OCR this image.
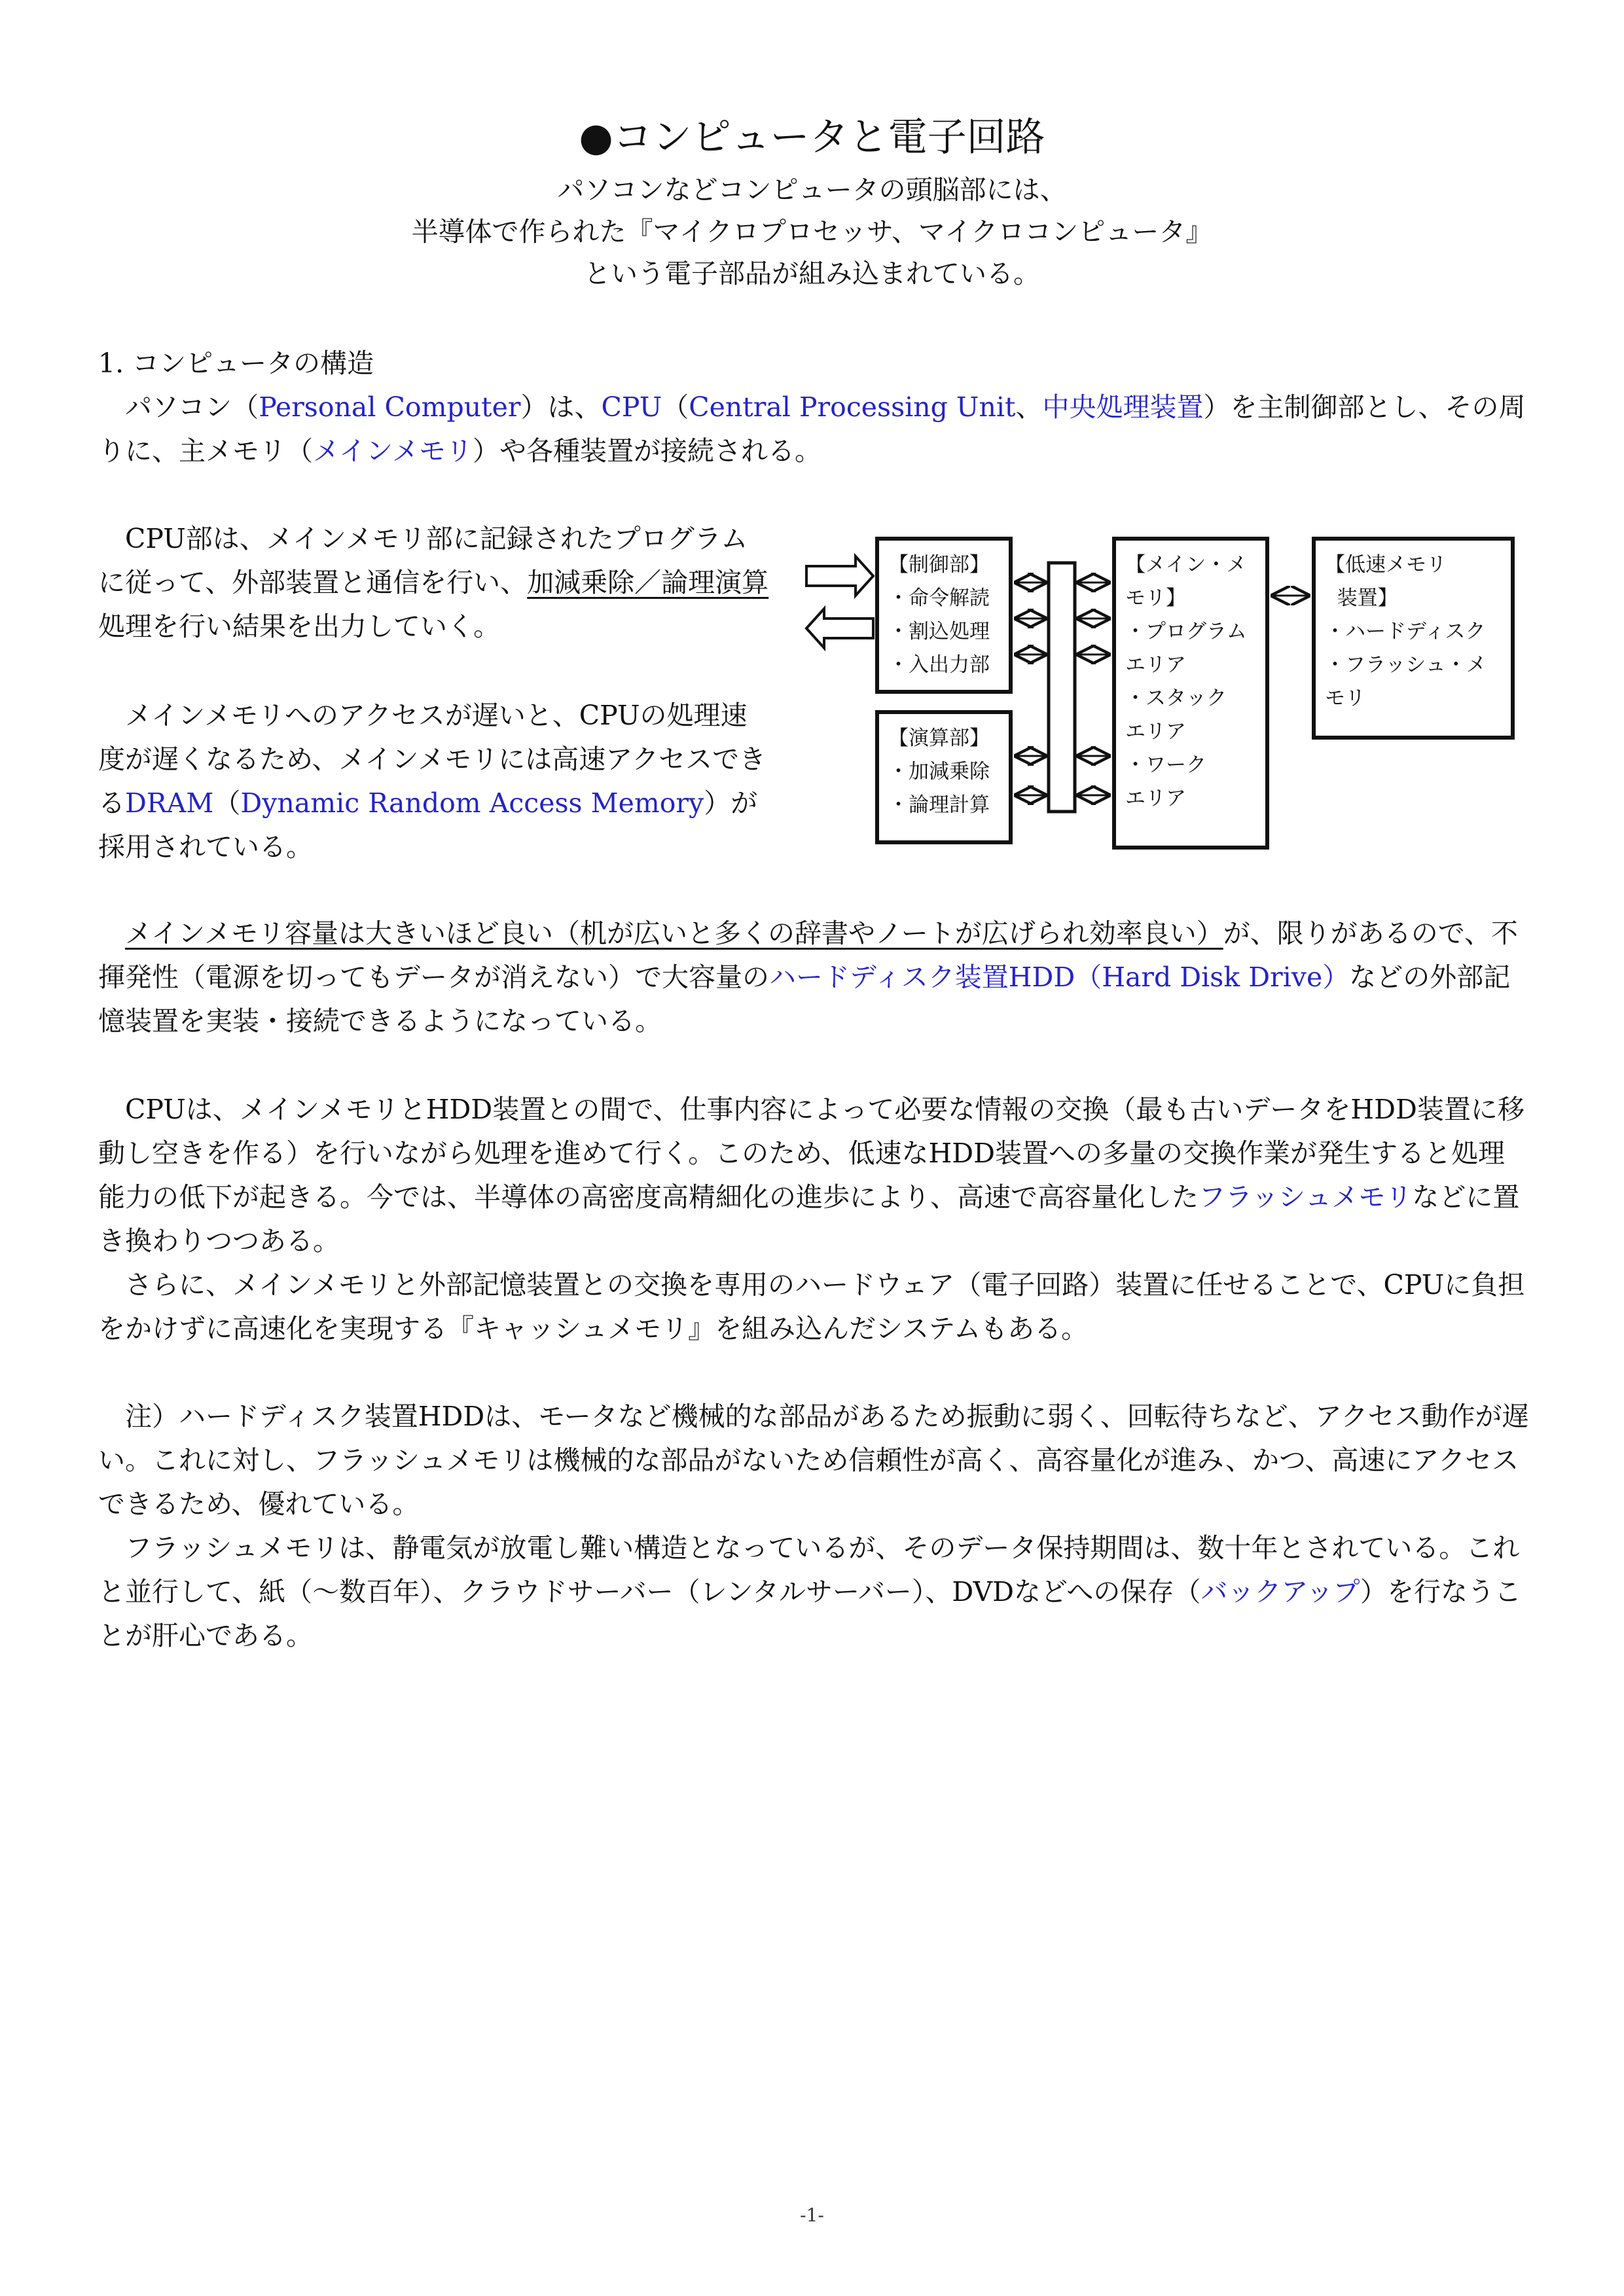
●コンピュータと電子回路
パソコンなどコンピュータの頭脳部には、
半導体で作られた『マイクロプロセッサ、マイクロコンピュータ』
という電子部品が組み込まれている。
1. コンピュータの構造

パソコン（Personal Computer）は、CPU（Central Processing Unit、中央処理装置）を主制御部とし、その周りに、主メモリ（メインメモリ）や各種装置が接続される。

CPU部は、メインメモリ部に記録されたプログラムに従って、外部装置と通信を行い、加減乗除／論理演算処理を行い結果を出力していく。

メインメモリへのアクセスが遅いと、CPUの処理速度が遅くなるため、メインメモリには高速アクセスできるDRAM（Dynamic Random Access Memory）が採用されている。

【制御部】
・命令解読
・割込処理
・入出力部
【演算部】
・加減乗除
・論理計算
【メイン・メ
モリ】
・プログラム
エリア
・スタック
エリア
・ワーク
エリア
【低速メモリ
装置】
・ハードディスク
・フラッシュ・メ
モリ

メインメモリ容量は大きいほど良い（机が広いと多くの辞書やノートが広げられ効率良い）が、限りがあるので、不揮発性（電源を切ってもデータが消えない）で大容量のハードディスク装置HDD（Hard Disk Drive）などの外部記憶装置を実装・接続できるようになっている。

CPUは、メインメモリとHDD装置との間で、仕事内容によって必要な情報の交換（最も古いデータをHDD装置に移動し空きを作る）を行いながら処理を進めて行く。このため、低速なHDD装置への多量の交換作業が発生すると処理能力の低下が起きる。今では、半導体の高密度高精細化の進歩により、高速で高容量化したフラッシュメモリなどに置き換わりつつある。

さらに、メインメモリと外部記憶装置との交換を専用のハードウェア（電子回路）装置に任せることで、CPUに負担をかけずに高速化を実現する『キャッシュメモリ』を組み込んだシステムもある。

注）ハードディスク装置HDDは、モータなど機械的な部品があるため振動に弱く、回転待ちなど、アクセス動作が遅い。これに対し、フラッシュメモリは機械的な部品がないため信頼性が高く、高容量化が進み、かつ、高速にアクセスできるため、優れている。

フラッシュメモリは、静電気が放電し難い構造となっているが、そのデータ保持期間は、数十年とされている。これと並行して、紙（～数百年）、クラウドサーバー（レンタルサーバー）、DVDなどへの保存（バックアップ）を行なうことが肝心である。

-1-
